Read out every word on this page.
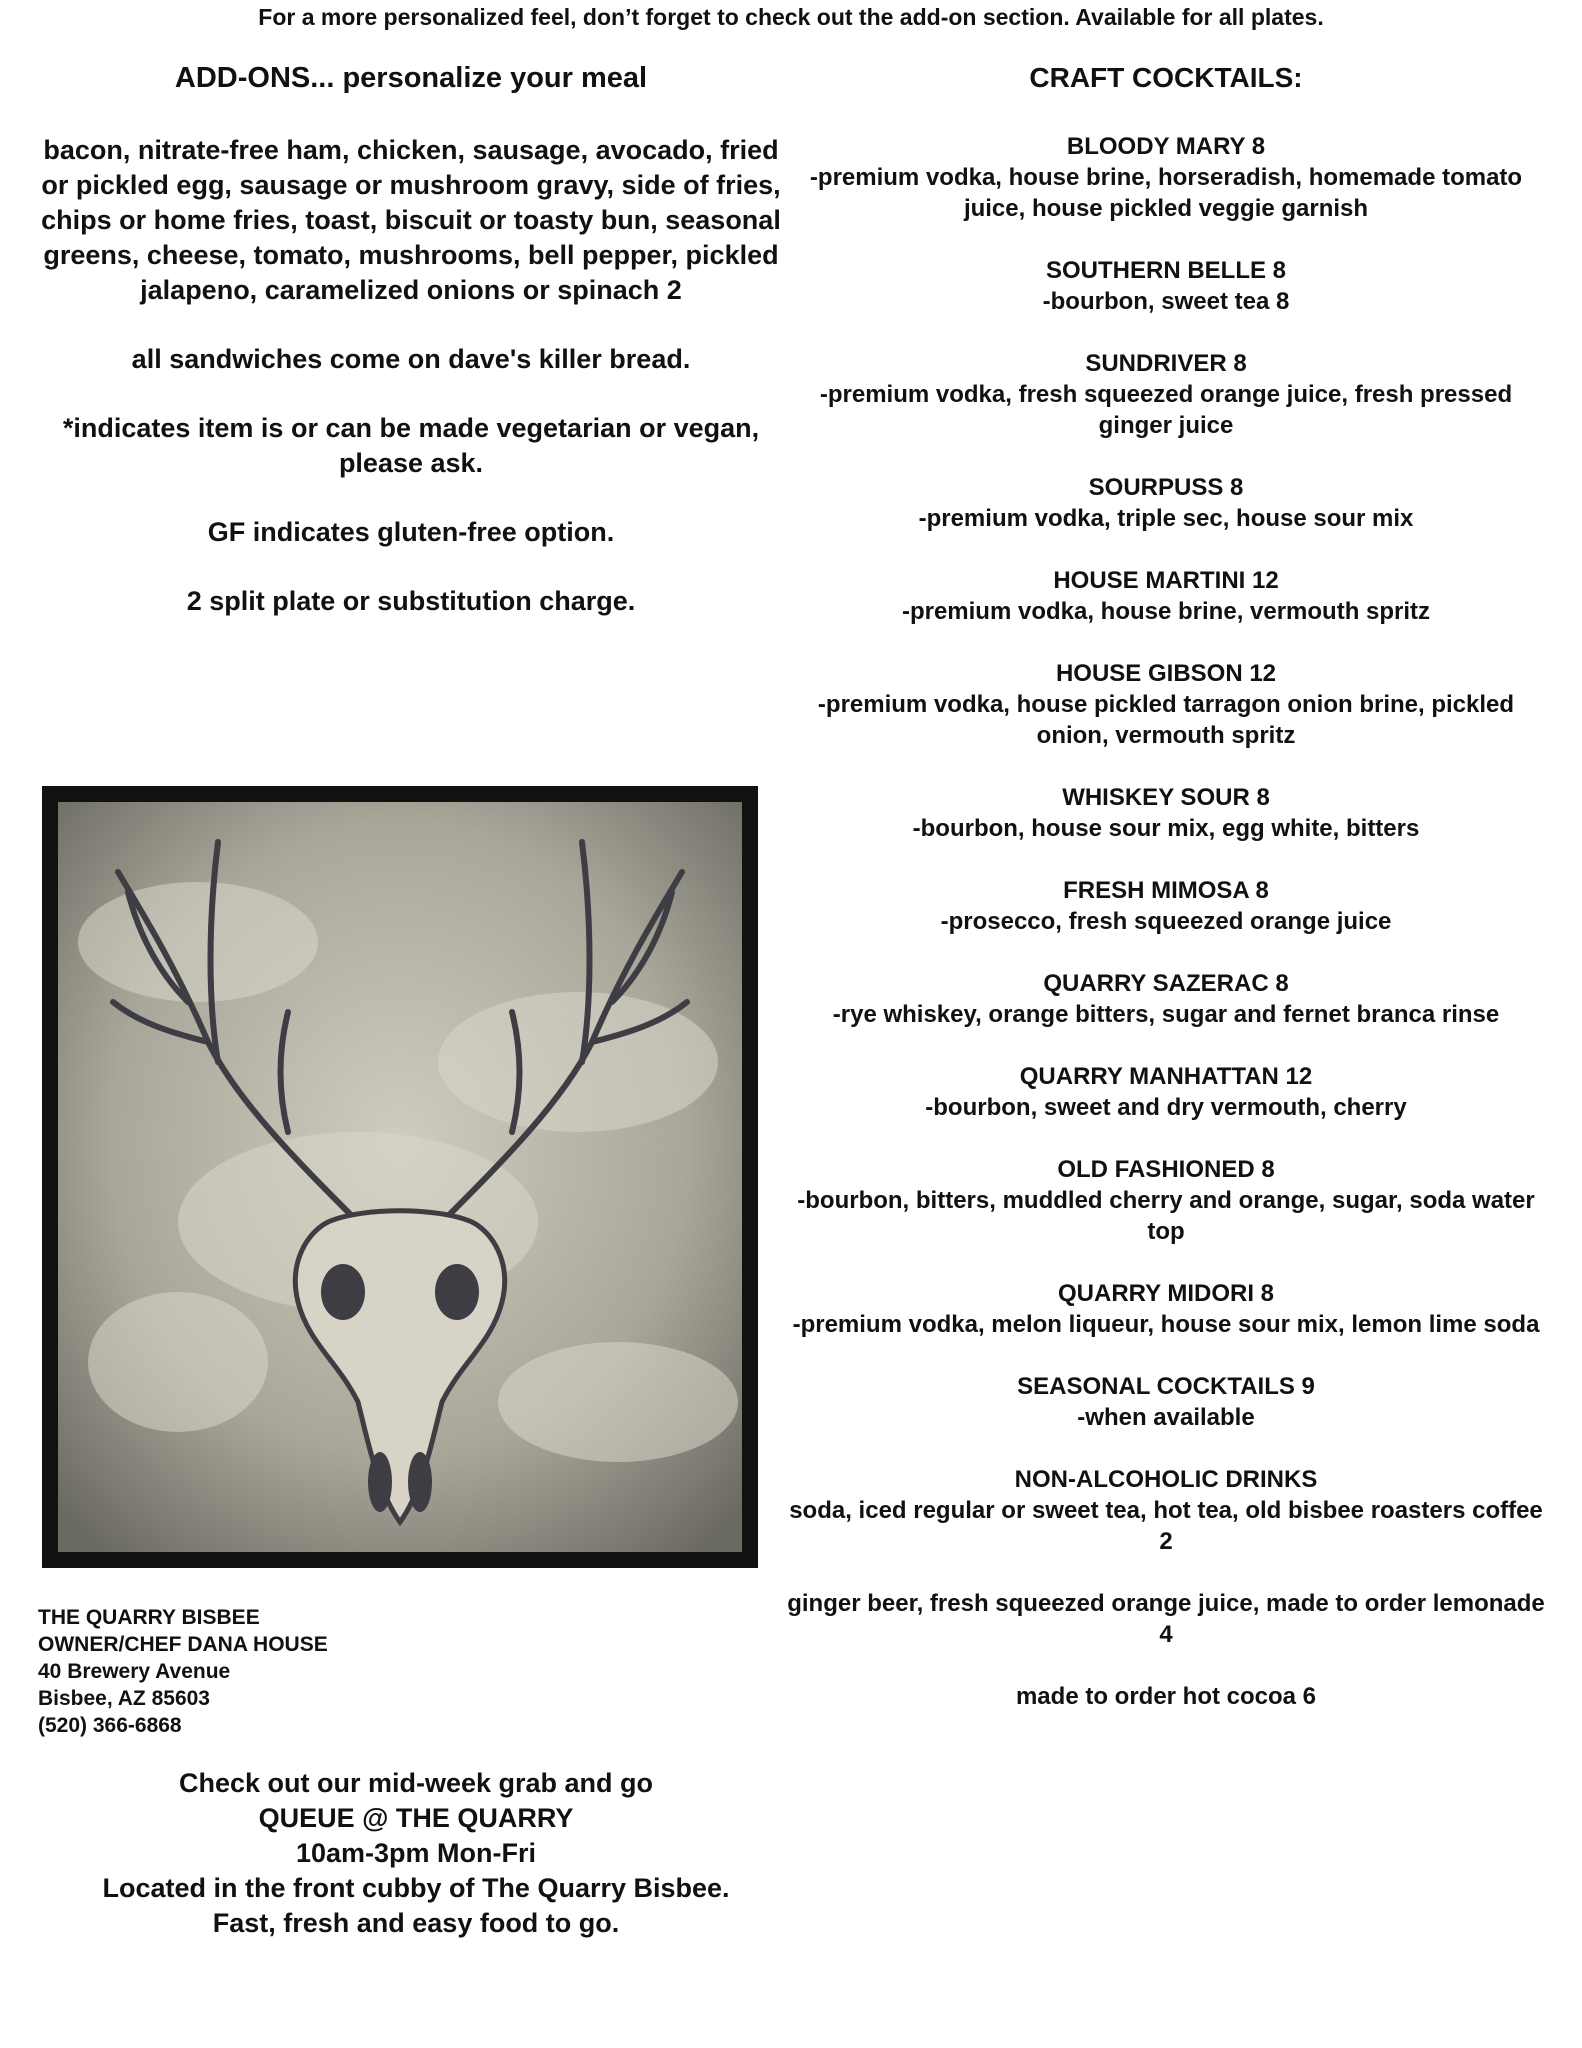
For a more personalized feel, don’t forget to check out the add-on section. Available for all plates.
ADD-ONS... personalize your meal

bacon, nitrate-free ham, chicken, sausage, avocado, fried or pickled egg, sausage or mushroom gravy, side of fries, chips or home fries, toast, biscuit or toasty bun, seasonal greens, cheese, tomato, mushrooms, bell pepper, pickled jalapeno, caramelized onions or spinach 2

all sandwiches come on dave's killer bread.

*indicates item is or can be made vegetarian or vegan, please ask.

GF indicates gluten-free option.

2 split plate or substitution charge.

CRAFT COCKTAILS:
BLOODY MARY 8
-premium vodka, house brine, horseradish, homemade tomato juice, house pickled veggie garnish
SOUTHERN BELLE 8
-bourbon, sweet tea 8
SUNDRIVER 8
-premium vodka, fresh squeezed orange juice, fresh pressed ginger juice
SOURPUSS 8
-premium vodka, triple sec, house sour mix
HOUSE MARTINI 12
-premium vodka, house brine, vermouth spritz
HOUSE GIBSON 12
-premium vodka, house pickled tarragon onion brine, pickled onion, vermouth spritz
WHISKEY SOUR 8
-bourbon, house sour mix, egg white, bitters
FRESH MIMOSA 8
-prosecco, fresh squeezed orange juice
QUARRY SAZERAC 8
-rye whiskey, orange bitters, sugar and fernet branca rinse
QUARRY MANHATTAN 12
-bourbon, sweet and dry vermouth, cherry
OLD FASHIONED 8
-bourbon, bitters, muddled cherry and orange, sugar, soda water top
QUARRY MIDORI 8
-premium vodka, melon liqueur, house sour mix, lemon lime soda
SEASONAL COCKTAILS 9
-when available
NON-ALCOHOLIC DRINKS
soda, iced regular or sweet tea, hot tea, old bisbee roasters coffee 2
ginger beer, fresh squeezed orange juice, made to order lemonade 4
made to order hot cocoa 6
THE QUARRY BISBEE
OWNER/CHEF DANA HOUSE
40 Brewery Avenue
Bisbee, AZ 85603
(520) 366-6868
Check out our mid-week grab and go
QUEUE @ THE QUARRY
10am-3pm Mon-Fri
Located in the front cubby of The Quarry Bisbee.
Fast, fresh and easy food to go.
